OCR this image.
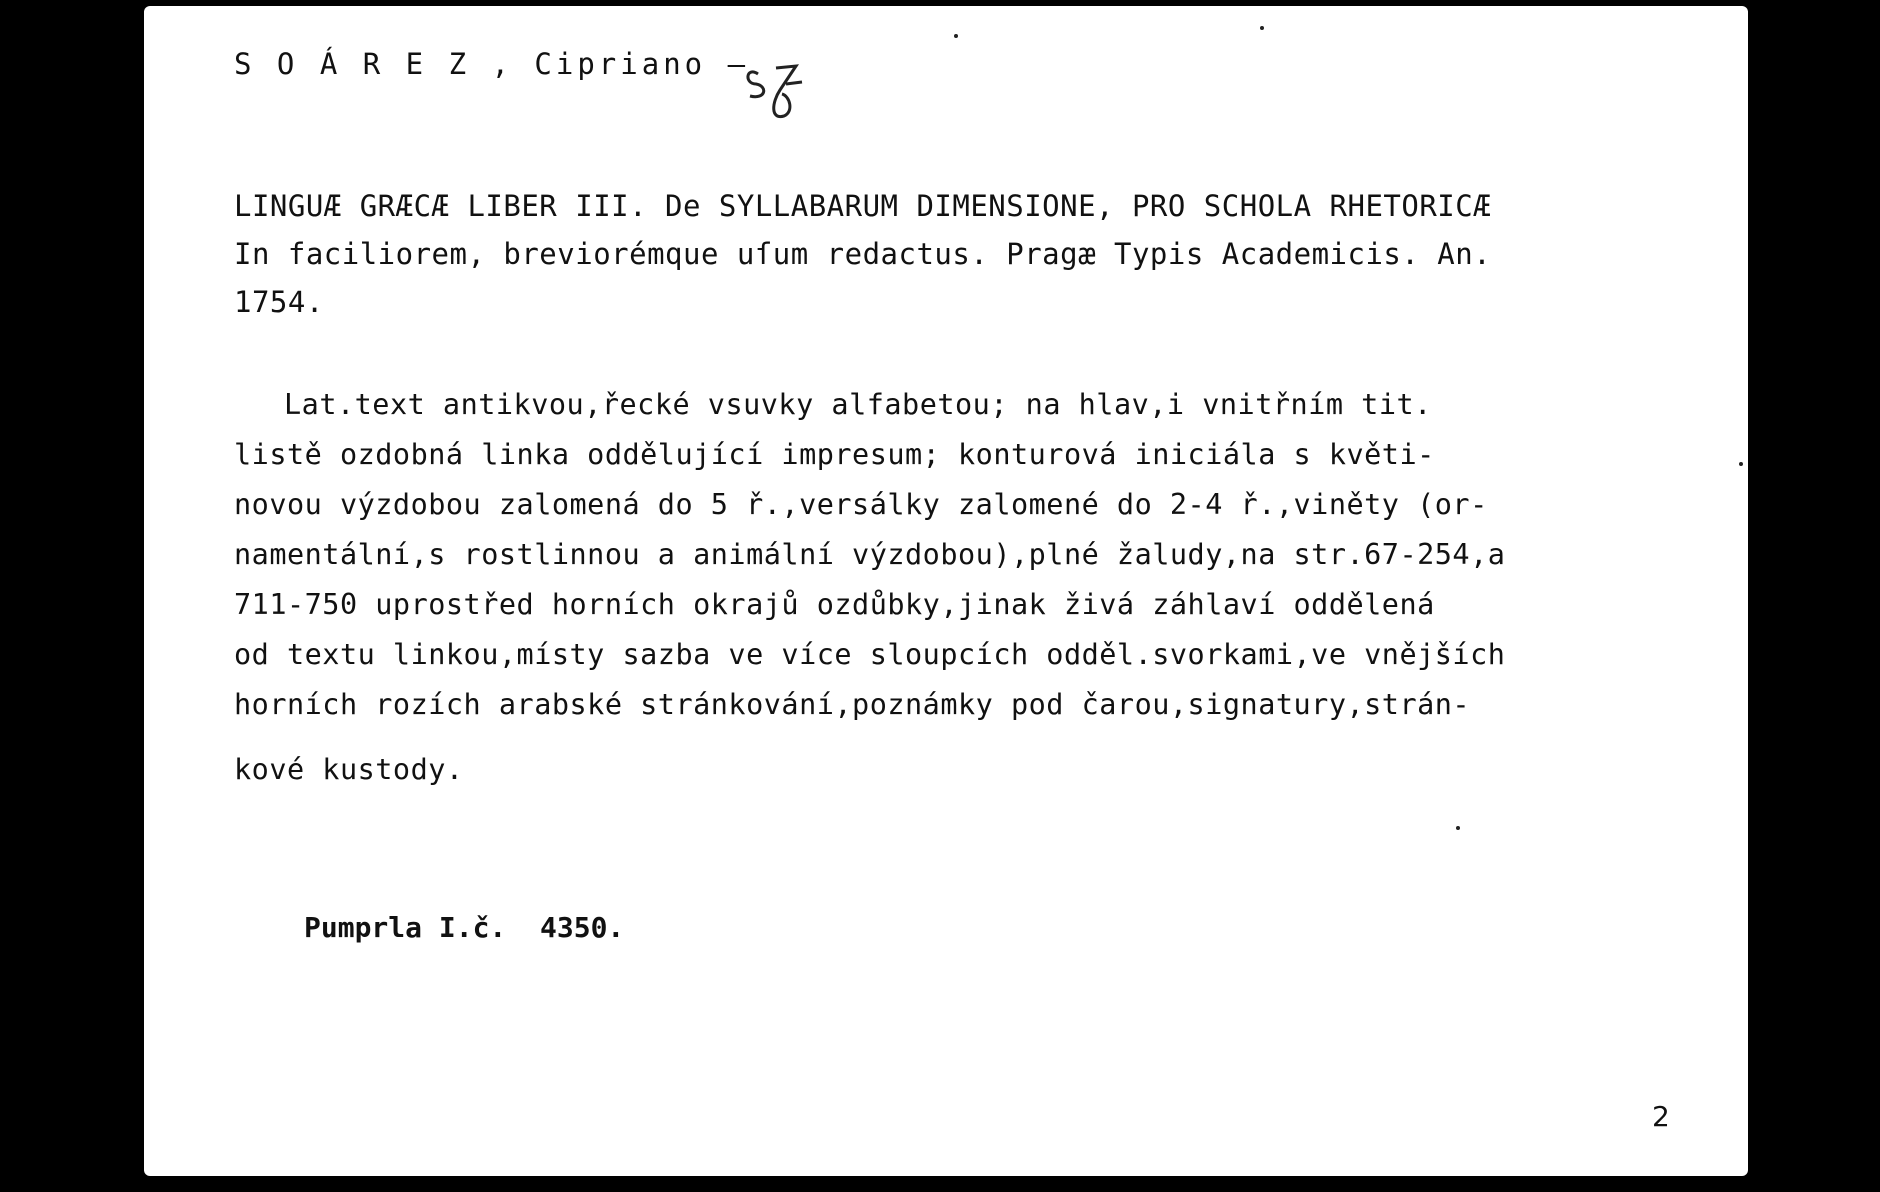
S O Á R E Z , Cipriano –
LINGUÆ GRÆCÆ LIBER III. De SYLLABARUM DIMENSIONE, PRO SCHOLA RHETORICÆ
In faciliorem, breviorémque uſum redactus. Pragæ Typis Academicis. An.
1754.
Lat.text antikvou,řecké vsuvky alfabetou; na hlav,i vnitřním tit.
listě ozdobná linka oddělující impresum; konturová iniciála s květi-
novou výzdobou zalomená do 5 ř.,versálky zalomené do 2-4 ř.,viněty (or-
namentální,s rostlinnou a animální výzdobou),plné žaludy,na str.67-254,a
711-750 uprostřed horních okrajů ozdůbky,jinak živá záhlaví oddělená
od textu linkou,místy sazba ve více sloupcích odděl.svorkami,ve vnějších
horních rozích arabské stránkování,poznámky pod čarou,signatury,strán-
kové kustody.
Pumprla I.č.  4350.
2
